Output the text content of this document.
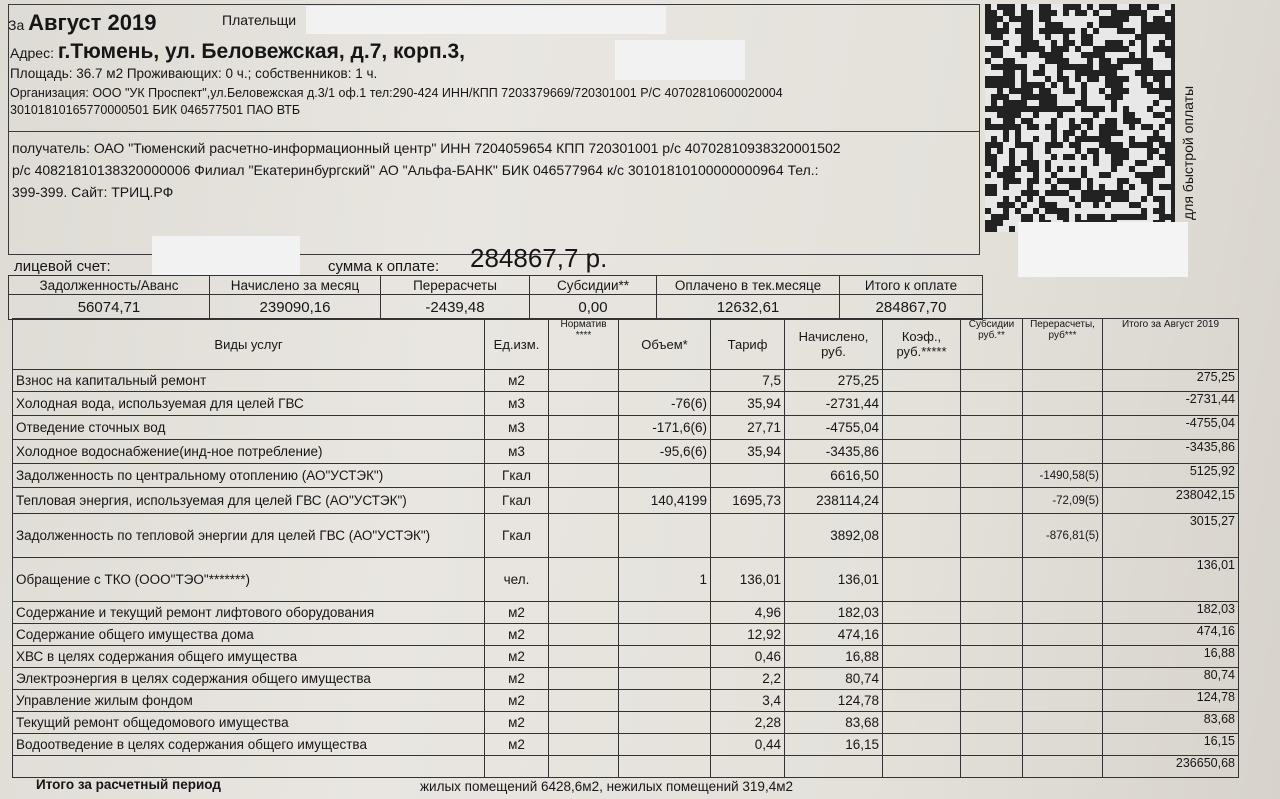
За Август 2019	Плательщи
Адрес: г.Тюмень, ул. Беловежская, д.7, корп.3,
Площадь: 36.7 м2 Проживающих: 0 ч.; собственников: 1 ч.
Организация: ООО "УК Проспект",ул.Беловежская д.3/1 оф.1 тел:290-424 ИНН/КПП 7203379669/720301001 Р/С 40702810600020004
30101810165770000501 БИК 046577501 ПАО ВТБ
получатель: ОАО "Тюменский расчетно-информационный центр" ИНН 7204059654 КПП 720301001 р/с 40702810938320001502
р/с 40821810138320000006 Филиал "Екатеринбургский" АО "Альфа-БАНК" БИК 046577964 к/с 30101810100000000964 Тел.:
399-399. Сайт: ТРИЦ.РФ
лицевой счет:	сумма к оплате: 284867,7 р.
Задолженность/Аванс	Начислено за месяц	Перерасчеты	Субсидии**	Оплачено в тек.месяце	Итого к оплате
56074,71	239090,16	-2439,48	0,00	12632,61	284867,70
Виды услуг	Ед.изм.	Норматив ****	Объем*	Тариф	Начислено, руб.	Коэф., руб.*****	Субсидии руб.**	Перерасчеты, руб***	Итого за Август 2019
Взнос на капитальный ремонт	м2			7,5	275,25				275,25
Холодная вода, используемая для целей ГВС	м3		-76(6)	35,94	-2731,44				-2731,44
Отведение сточных вод	м3		-171,6(6)	27,71	-4755,04				-4755,04
Холодное водоснабжение(инд-ное потребление)	м3		-95,6(6)	35,94	-3435,86				-3435,86
Задолженность по центральному отоплению (АО"УСТЭК")	Гкал				6616,50			-1490,58(5)	5125,92
Тепловая энергия, используемая для целей ГВС (АО"УСТЭК")	Гкал		140,4199	1695,73	238114,24			-72,09(5)	238042,15
Задолженность по тепловой энергии для целей ГВС (АО"УСТЭК")	Гкал				3892,08			-876,81(5)	3015,27
Обращение с ТКО (ООО"ТЭО"*******)	чел.		1	136,01	136,01				136,01
Содержание и текущий ремонт лифтового оборудования	м2			4,96	182,03				182,03
Содержание общего имущества дома	м2			12,92	474,16				474,16
ХВС в целях содержания общего имущества	м2			0,46	16,88				16,88
Электроэнергия в целях содержания общего имущества	м2			2,2	80,74				80,74
Управление жилым фондом	м2			3,4	124,78				124,78
Текущий ремонт общедомового имущества	м2			2,28	83,68				83,68
Водоотведение в целях содержания общего имущества	м2			0,44	16,15				16,15
									236650,68
Итого за расчетный период	жилых помещений 6428,6м2, нежилых помещений 319,4м2
для быстрой оплаты
